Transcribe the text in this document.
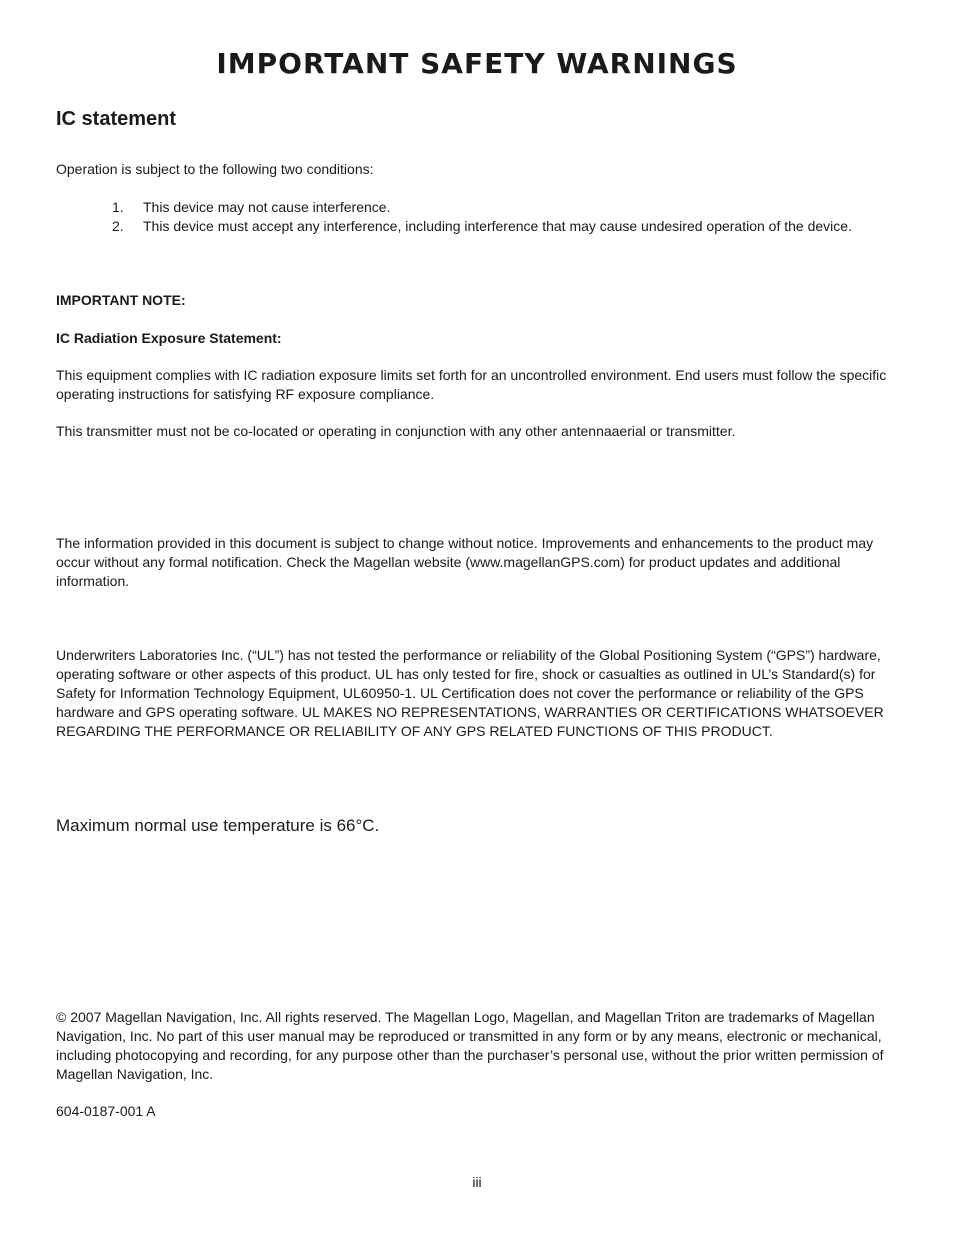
IMPORTANT SAFETY WARNINGS
IC statement

Operation is subject to the following two conditions:

1. This device may not cause interference.
2. This device must accept any interference, including interference that may cause undesired operation of the device.

IMPORTANT NOTE:

IC Radiation Exposure Statement:

This equipment complies with IC radiation exposure limits set forth for an uncontrolled environment. End users must follow the specific operating instructions for satisfying RF exposure compliance.

This transmitter must not be co-located or operating in conjunction with any other antennaaerial or transmitter.

The information provided in this document is subject to change without notice. Improvements and enhancements to the product may occur without any formal notification. Check the Magellan website (www.magellanGPS.com) for product updates and additional information.

Underwriters Laboratories Inc. (“UL”) has not tested the performance or reliability of the Global Positioning System (“GPS”) hardware, operating software or other aspects of this product. UL has only tested for fire, shock or casualties as outlined in UL’s Standard(s) for Safety for Information Technology Equipment, UL60950-1. UL Certification does not cover the performance or reliability of the GPS hardware and GPS operating software. UL MAKES NO REPRESENTATIONS, WARRANTIES OR CERTIFICATIONS WHATSOEVER REGARDING THE PERFORMANCE OR RELIABILITY OF ANY GPS RELATED FUNCTIONS OF THIS PRODUCT.

Maximum normal use temperature is 66°C.

© 2007 Magellan Navigation, Inc. All rights reserved. The Magellan Logo, Magellan, and Magellan Triton are trademarks of Magellan Navigation, Inc. No part of this user manual may be reproduced or transmitted in any form or by any means, electronic or mechanical, including photocopying and recording, for any purpose other than the purchaser’s personal use, without the prior written permission of Magellan Navigation, Inc.

604-0187-001 A

iii
